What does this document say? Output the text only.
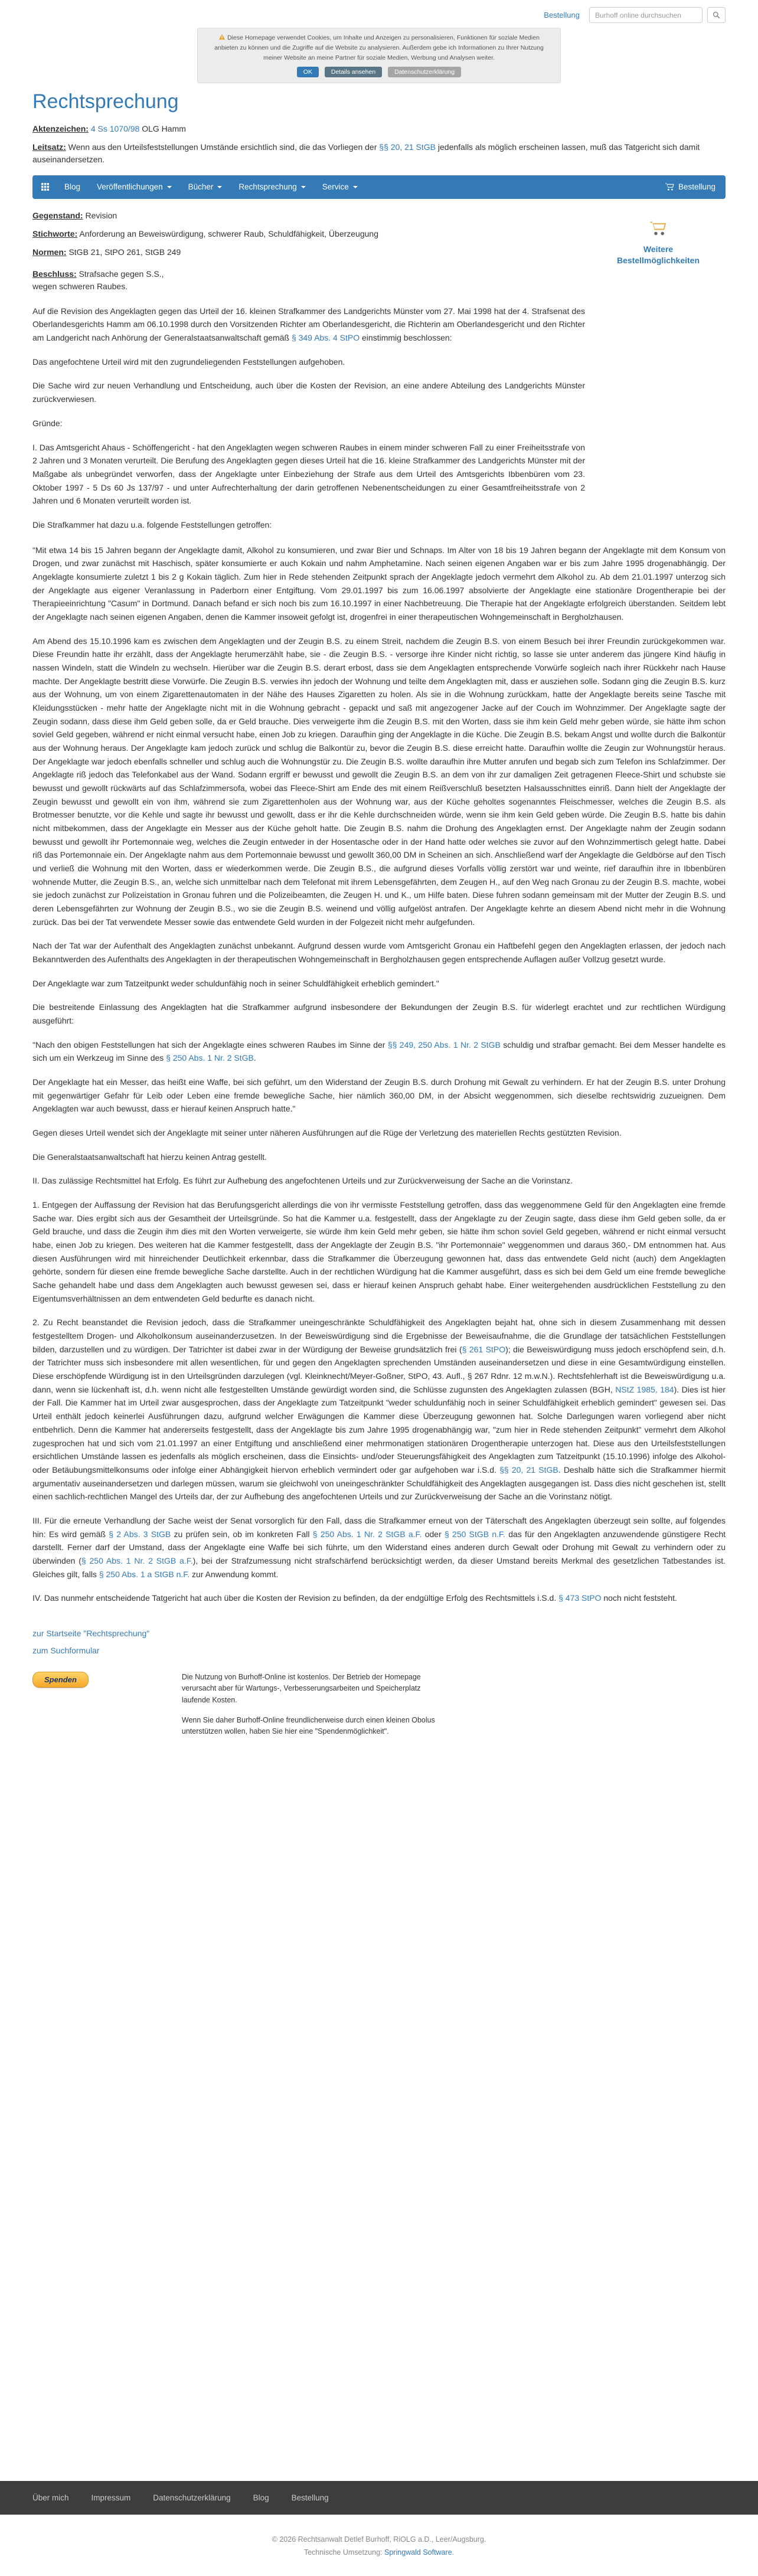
Bestellung
Burhoff online durchsuchen
Diese Homepage verwendet Cookies, um Inhalte und Anzeigen zu personalisieren, Funktionen für soziale Medien anbieten zu können und die Zugriffe auf die Website zu analysieren. Außerdem gebe ich Informationen zu Ihrer Nutzung meiner Website an meine Partner für soziale Medien, Werbung und Analysen weiter.
OK	Details ansehen	Datenschutzerklärung
Rechtsprechung

Aktenzeichen: 4 Ss 1070/98 OLG Hamm

Leitsatz: Wenn aus den Urteilsfeststellungen Umstände ersichtlich sind, die das Vorliegen der §§ 20, 21 StGB jedenfalls als möglich erscheinen lassen, muß das Tatgericht sich damit auseinandersetzen.

Blog Veröffentlichungen	Bücher	Rechtsprechung	Service	Bestellung

Gegenstand: Revision

Stichworte: Anforderung an Beweiswürdigung, schwerer Raub, Schuldfähigkeit, Überzeugung

Normen: StGB 21, StPO 261, StGB 249

Beschluss: Strafsache gegen S.S.,
wegen schweren Raubes.

Auf die Revision des Angeklagten gegen das Urteil der 16. kleinen Strafkammer des Landgerichts Münster vom 27. Mai 1998 hat der 4. Strafsenat des Oberlandesgerichts Hamm am 06.10.1998 durch den Vorsitzenden Richter am Oberlandesgericht, die Richterin am Oberlandesgericht und den Richter am Landgericht nach Anhörung der Generalstaatsanwaltschaft gemäß § 349 Abs. 4 StPO einstimmig beschlossen:

Das angefochtene Urteil wird mit den zugrundeliegenden Feststellungen aufgehoben.

Die Sache wird zur neuen Verhandlung und Entscheidung, auch über die Kosten der Revision, an eine andere Abteilung des Landgerichts Münster zurückverwiesen.

Gründe:

I. Das Amtsgericht Ahaus - Schöffengericht - hat den Angeklagten wegen schweren Raubes in einem minder schweren Fall zu einer Freiheitsstrafe von 2 Jahren und 3 Monaten verurteilt. Die Berufung des Angeklagten gegen dieses Urteil hat die 16. kleine Strafkammer des Landgerichts Münster mit der Maßgabe als unbegründet verworfen, dass der Angeklagte unter Einbeziehung der Strafe aus dem Urteil des Amtsgerichts Ibbenbüren vom 23. Oktober 1997 - 5 Ds 60 Js 137/97 - und unter Aufrechterhaltung der darin getroffenen Nebenentscheidungen zu einer Gesamtfreiheitsstrafe von 2 Jahren und 6 Monaten verurteilt worden ist.

Die Strafkammer hat dazu u.a. folgende Feststellungen getroffen:

Weitere Bestellmöglichkeiten

"Mit etwa 14 bis 15 Jahren begann der Angeklagte damit, Alkohol zu konsumieren, und zwar Bier und Schnaps. Im Alter von 18 bis 19 Jahren begann der Angeklagte mit dem Konsum von Drogen, und zwar zunächst mit Haschisch, später konsumierte er auch Kokain und nahm Amphetamine. Nach seinen eigenen Angaben war er bis zum Jahre 1995 drogenabhängig. Der Angeklagte konsumierte zuletzt 1 bis 2 g Kokain täglich. Zum hier in Rede stehenden Zeitpunkt sprach der Angeklagte jedoch vermehrt dem Alkohol zu. Ab dem 21.01.1997 unterzog sich der Angeklagte aus eigener Veranlassung in Paderborn einer Entgiftung. Vom 29.01.1997 bis zum 16.06.1997 absolvierte der Angeklagte eine stationäre Drogentherapie bei der Therapieeinrichtung "Casum" in Dortmund. Danach befand er sich noch bis zum 16.10.1997 in einer Nachbetreuung. Die Therapie hat der Angeklagte erfolgreich überstanden. Seitdem lebt der Angeklagte nach seinen eigenen Angaben, denen die Kammer insoweit gefolgt ist, drogenfrei in einer therapeutischen Wohngemeinschaft in Bergholzhausen.

Am Abend des 15.10.1996 kam es zwischen dem Angeklagten und der Zeugin B.S. zu einem Streit, nachdem die Zeugin B.S. von einem Besuch bei ihrer Freundin zurückgekommen war. Diese Freundin hatte ihr erzählt, dass der Angeklagte herumerzählt habe, sie - die Zeugin B.S. - versorge ihre Kinder nicht richtig, so lasse sie unter anderem das jüngere Kind häufig in nassen Windeln, statt die Windeln zu wechseln. Hierüber war die Zeugin B.S. derart erbost, dass sie dem Angeklagten entsprechende Vorwürfe sogleich nach ihrer Rückkehr nach Hause machte. Der Angeklagte bestritt diese Vorwürfe. Die Zeugin B.S. verwies ihn jedoch der Wohnung und teilte dem Angeklagten mit, dass er ausziehen solle. Sodann ging die Zeugin B.S. kurz aus der Wohnung, um von einem Zigarettenautomaten in der Nähe des Hauses Zigaretten zu holen. Als sie in die Wohnung zurückkam, hatte der Angeklagte bereits seine Tasche mit Kleidungsstücken - mehr hatte der Angeklagte nicht mit in die Wohnung gebracht - gepackt und saß mit angezogener Jacke auf der Couch im Wohnzimmer. Der Angeklagte sagte der Zeugin sodann, dass diese ihm Geld geben solle, da er Geld brauche. Dies verweigerte ihm die Zeugin B.S. mit den Worten, dass sie ihm kein Geld mehr geben würde, sie hätte ihm schon soviel Geld gegeben, während er nicht einmal versucht habe, einen Job zu kriegen. Daraufhin ging der Angeklagte in die Küche. Die Zeugin B.S. bekam Angst und wollte durch die Balkontür aus der Wohnung heraus. Der Angeklagte kam jedoch zurück und schlug die Balkontür zu, bevor die Zeugin B.S. diese erreicht hatte. Daraufhin wollte die Zeugin zur Wohnungstür heraus. Der Angeklagte war jedoch ebenfalls schneller und schlug auch die Wohnungstür zu. Die Zeugin B.S. wollte daraufhin ihre Mutter anrufen und begab sich zum Telefon ins Schlafzimmer. Der Angeklagte riß jedoch das Telefonkabel aus der Wand. Sodann ergriff er bewusst und gewollt die Zeugin B.S. an dem von ihr zur damaligen Zeit getragenen Fleece-Shirt und schubste sie bewusst und gewollt rückwärts auf das Schlafzimmersofa, wobei das Fleece-Shirt am Ende des mit einem Reißverschluß besetzten Halsausschnittes einriß. Dann hielt der Angeklagte der Zeugin bewusst und gewollt ein von ihm, während sie zum Zigarettenholen aus der Wohnung war, aus der Küche geholtes sogenanntes Fleischmesser, welches die Zeugin B.S. als Brotmesser benutzte, vor die Kehle und sagte ihr bewusst und gewollt, dass er ihr die Kehle durchschneiden würde, wenn sie ihm kein Geld geben würde. Die Zeugin B.S. hatte bis dahin nicht mitbekommen, dass der Angeklagte ein Messer aus der Küche geholt hatte. Die Zeugin B.S. nahm die Drohung des Angeklagten ernst. Der Angeklagte nahm der Zeugin sodann bewusst und gewollt ihr Portemonnaie weg, welches die Zeugin entweder in der Hosentasche oder in der Hand hatte oder welches sie zuvor auf den Wohnzimmertisch gelegt hatte. Dabei riß das Portemonnaie ein. Der Angeklagte nahm aus dem Portemonnaie bewusst und gewollt 360,00 DM in Scheinen an sich. Anschließend warf der Angeklagte die Geldbörse auf den Tisch und verließ die Wohnung mit den Worten, dass er wiederkommen werde. Die Zeugin B.S., die aufgrund dieses Vorfalls völlig zerstört war und weinte, rief daraufhin ihre in Ibbenbüren wohnende Mutter, die Zeugin B.S., an, welche sich unmittelbar nach dem Telefonat mit ihrem Lebensgefährten, dem Zeugen H., auf den Weg nach Gronau zu der Zeugin B.S. machte, wobei sie jedoch zunächst zur Polizeistation in Gronau fuhren und die Polizeibeamten, die Zeugen H. und K., um Hilfe baten. Diese fuhren sodann gemeinsam mit der Mutter der Zeugin B.S. und deren Lebensgefährten zur Wohnung der Zeugin B.S., wo sie die Zeugin B.S. weinend und völlig aufgelöst antrafen. Der Angeklagte kehrte an diesem Abend nicht mehr in die Wohnung zurück. Das bei der Tat verwendete Messer sowie das entwendete Geld wurden in der Folgezeit nicht mehr aufgefunden.

Nach der Tat war der Aufenthalt des Angeklagten zunächst unbekannt. Aufgrund dessen wurde vom Amtsgericht Gronau ein Haftbefehl gegen den Angeklagten erlassen, der jedoch nach Bekanntwerden des Aufenthalts des Angeklagten in der therapeutischen Wohngemeinschaft in Bergholzhausen gegen entsprechende Auflagen außer Vollzug gesetzt wurde.

Der Angeklagte war zum Tatzeitpunkt weder schuldunfähig noch in seiner Schuldfähigkeit erheblich gemindert."

Die bestreitende Einlassung des Angeklagten hat die Strafkammer aufgrund insbesondere der Bekundungen der Zeugin B.S. für widerlegt erachtet und zur rechtlichen Würdigung ausgeführt:

"Nach den obigen Feststellungen hat sich der Angeklagte eines schweren Raubes im Sinne der §§ 249, 250 Abs. 1 Nr. 2 StGB schuldig und strafbar gemacht. Bei dem Messer handelte es sich um ein Werkzeug im Sinne des § 250 Abs. 1 Nr. 2 StGB.

Der Angeklagte hat ein Messer, das heißt eine Waffe, bei sich geführt, um den Widerstand der Zeugin B.S. durch Drohung mit Gewalt zu verhindern. Er hat der Zeugin B.S. unter Drohung mit gegenwärtiger Gefahr für Leib oder Leben eine fremde bewegliche Sache, hier nämlich 360,00 DM, in der Absicht weggenommen, sich dieselbe rechtswidrig zuzueignen. Dem Angeklagten war auch bewusst, dass er hierauf keinen Anspruch hatte."

Gegen dieses Urteil wendet sich der Angeklagte mit seiner unter näheren Ausführungen auf die Rüge der Verletzung des materiellen Rechts gestützten Revision.

Die Generalstaatsanwaltschaft hat hierzu keinen Antrag gestellt.

II. Das zulässige Rechtsmittel hat Erfolg. Es führt zur Aufhebung des angefochtenen Urteils und zur Zurückverweisung der Sache an die Vorinstanz.

1. Entgegen der Auffassung der Revision hat das Berufungsgericht allerdings die von ihr vermisste Feststellung getroffen, dass das weggenommene Geld für den Angeklagten eine fremde Sache war. Dies ergibt sich aus der Gesamtheit der Urteilsgründe. So hat die Kammer u.a. festgestellt, dass der Angeklagte zu der Zeugin sagte, dass diese ihm Geld geben solle, da er Geld brauche, und dass die Zeugin ihm dies mit den Worten verweigerte, sie würde ihm kein Geld mehr geben, sie hätte ihm schon soviel Geld gegeben, während er nicht einmal versucht habe, einen Job zu kriegen. Des weiteren hat die Kammer festgestellt, dass der Angeklagte der Zeugin B.S. "ihr Portemonnaie" weggenommen und daraus 360,- DM entnommen hat. Aus diesen Ausführungen wird mit hinreichender Deutlichkeit erkennbar, dass die Strafkammer die Überzeugung gewonnen hat, dass das entwendete Geld nicht (auch) dem Angeklagten gehörte, sondern für diesen eine fremde bewegliche Sache darstellte. Auch in der rechtlichen Würdigung hat die Kammer ausgeführt, dass es sich bei dem Geld um eine fremde bewegliche Sache gehandelt habe und dass dem Angeklagten auch bewusst gewesen sei, dass er hierauf keinen Anspruch gehabt habe. Einer weitergehenden ausdrücklichen Feststellung zu den Eigentumsverhältnissen an dem entwendeten Geld bedurfte es danach nicht.

2. Zu Recht beanstandet die Revision jedoch, dass die Strafkammer uneingeschränkte Schuldfähigkeit des Angeklagten bejaht hat, ohne sich in diesem Zusammenhang mit dessen festgestelltem Drogen- und Alkoholkonsum auseinanderzusetzen. In der Beweiswürdigung sind die Ergebnisse der Beweisaufnahme, die die Grundlage der tatsächlichen Feststellungen bilden, darzustellen und zu würdigen. Der Tatrichter ist dabei zwar in der Würdigung der Beweise grundsätzlich frei (§ 261 StPO); die Beweiswürdigung muss jedoch erschöpfend sein, d.h. der Tatrichter muss sich insbesondere mit allen wesentlichen, für und gegen den Angeklagten sprechenden Umständen auseinandersetzen und diese in eine Gesamtwürdigung einstellen. Diese erschöpfende Würdigung ist in den Urteilsgründen darzulegen (vgl. Kleinknecht/Meyer-Goßner, StPO, 43. Aufl., § 267 Rdnr. 12 m.w.N.). Rechtsfehlerhaft ist die Beweiswürdigung u.a. dann, wenn sie lückenhaft ist, d.h. wenn nicht alle festgestellten Umstände gewürdigt worden sind, die Schlüsse zugunsten des Angeklagten zulassen (BGH, NStZ 1985, 184). Dies ist hier der Fall. Die Kammer hat im Urteil zwar ausgesprochen, dass der Angeklagte zum Tatzeitpunkt "weder schuldunfähig noch in seiner Schuldfähigkeit erheblich gemindert" gewesen sei. Das Urteil enthält jedoch keinerlei Ausführungen dazu, aufgrund welcher Erwägungen die Kammer diese Überzeugung gewonnen hat. Solche Darlegungen waren vorliegend aber nicht entbehrlich. Denn die Kammer hat andererseits festgestellt, dass der Angeklagte bis zum Jahre 1995 drogenabhängig war, "zum hier in Rede stehenden Zeitpunkt" vermehrt dem Alkohol zugesprochen hat und sich vom 21.01.1997 an einer Entgiftung und anschließend einer mehrmonatigen stationären Drogentherapie unterzogen hat. Diese aus den Urteilsfeststellungen ersichtlichen Umstände lassen es jedenfalls als möglich erscheinen, dass die Einsichts- und/oder Steuerungsfähigkeit des Angeklagten zum Tatzeitpunkt (15.10.1996) infolge des Alkohol- oder Betäubungsmittelkonsums oder infolge einer Abhängigkeit hiervon erheblich vermindert oder gar aufgehoben war i.S.d. §§ 20, 21 StGB. Deshalb hätte sich die Strafkammer hiermit argumentativ auseinandersetzen und darlegen müssen, warum sie gleichwohl von uneingeschränkter Schuldfähigkeit des Angeklagten ausgegangen ist. Dass dies nicht geschehen ist, stellt einen sachlich-rechtlichen Mangel des Urteils dar, der zur Aufhebung des angefochtenen Urteils und zur Zurückverweisung der Sache an die Vorinstanz nötigt.

III. Für die erneute Verhandlung der Sache weist der Senat vorsorglich für den Fall, dass die Strafkammer erneut von der Täterschaft des Angeklagten überzeugt sein sollte, auf folgendes hin: Es wird gemäß § 2 Abs. 3 StGB zu prüfen sein, ob im konkreten Fall § 250 Abs. 1 Nr. 2 StGB a.F. oder § 250 StGB n.F. das für den Angeklagten anzuwendende günstigere Recht darstellt. Ferner darf der Umstand, dass der Angeklagte eine Waffe bei sich führte, um den Widerstand eines anderen durch Gewalt oder Drohung mit Gewalt zu verhindern oder zu überwinden (§ 250 Abs. 1 Nr. 2 StGB a.F.), bei der Strafzumessung nicht strafschärfend berücksichtigt werden, da dieser Umstand bereits Merkmal des gesetzlichen Tatbestandes ist. Gleiches gilt, falls § 250 Abs. 1 a StGB n.F. zur Anwendung kommt.

IV. Das nunmehr entscheidende Tatgericht hat auch über die Kosten der Revision zu befinden, da der endgültige Erfolg des Rechtsmittels i.S.d. § 473 StPO noch nicht feststeht.

zur Startseite "Rechtsprechung"

zum Suchformular

Spenden	Die Nutzung von Burhoff-Online ist kostenlos. Der Betrieb der Homepage verursacht aber für Wartungs-, Verbesserungsarbeiten und Speicherplatz laufende Kosten.

Wenn Sie daher Burhoff-Online freundlicherweise durch einen kleinen Obolus unterstützen wollen, haben Sie hier eine "Spendenmöglichkeit".

Über mich	Impressum	Datenschutzerklärung	Blog	Bestellung
© 2026 Rechtsanwalt Detlef Burhoff, RiOLG a.D., Leer/Augsburg.
Technische Umsetzung: Springwald Software.
